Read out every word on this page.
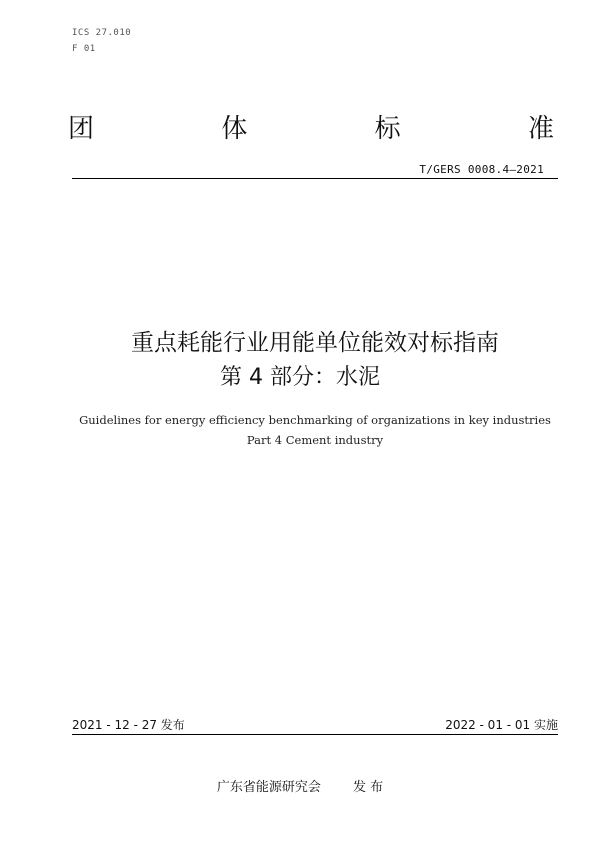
ICS 27.010
F 01
团	体	标	准
T/GERS 0008.4—2021
重点耗能行业用能单位能效对标指南
第 4 部分：水泥
Guidelines for energy efficiency benchmarking of organizations in key industries
Part 4 Cement industry
2021 - 12 - 27 发布	2022 - 01 - 01 实施
广东省能源研究会 发 布
